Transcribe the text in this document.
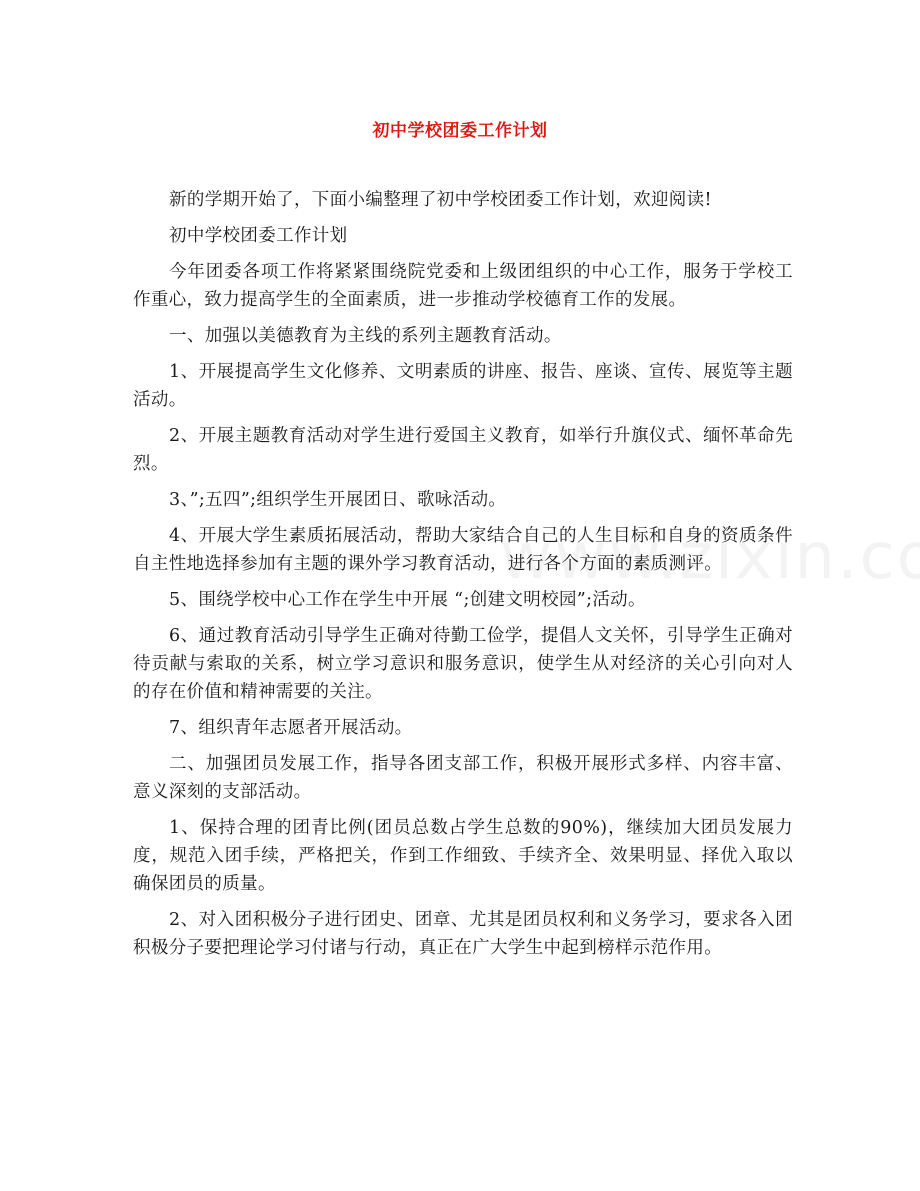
初中学校团委工作计划

新的学期开始了，下面小编整理了初中学校团委工作计划，欢迎阅读!

初中学校团委工作计划

今年团委各项工作将紧紧围绕院党委和上级团组织的中心工作，服务于学校工作重心，致力提高学生的全面素质，进一步推动学校德育工作的发展。

一、加强以美德教育为主线的系列主题教育活动。

1、开展提高学生文化修养、文明素质的讲座、报告、座谈、宣传、展览等主题活动。

2、开展主题教育活动对学生进行爱国主义教育，如举行升旗仪式、缅怀革命先烈。

3、”;五四”;组织学生开展团日、歌咏活动。

4、开展大学生素质拓展活动，帮助大家结合自己的人生目标和自身的资质条件自主性地选择参加有主题的课外学习教育活动，进行各个方面的素质测评。

5、围绕学校中心工作在学生中开展 “;创建文明校园”;活动。

6、通过教育活动引导学生正确对待勤工俭学，提倡人文关怀，引导学生正确对待贡献与索取的关系，树立学习意识和服务意识，使学生从对经济的关心引向对人的存在价值和精神需要的关注。

7、组织青年志愿者开展活动。

二、加强团员发展工作，指导各团支部工作，积极开展形式多样、内容丰富、意义深刻的支部活动。

1、保持合理的团青比例(团员总数占学生总数的90%)，继续加大团员发展力度，规范入团手续，严格把关，作到工作细致、手续齐全、效果明显、择优入取以确保团员的质量。

2、对入团积极分子进行团史、团章、尤其是团员权利和义务学习，要求各入团积极分子要把理论学习付诸与行动，真正在广大学生中起到榜样示范作用。
